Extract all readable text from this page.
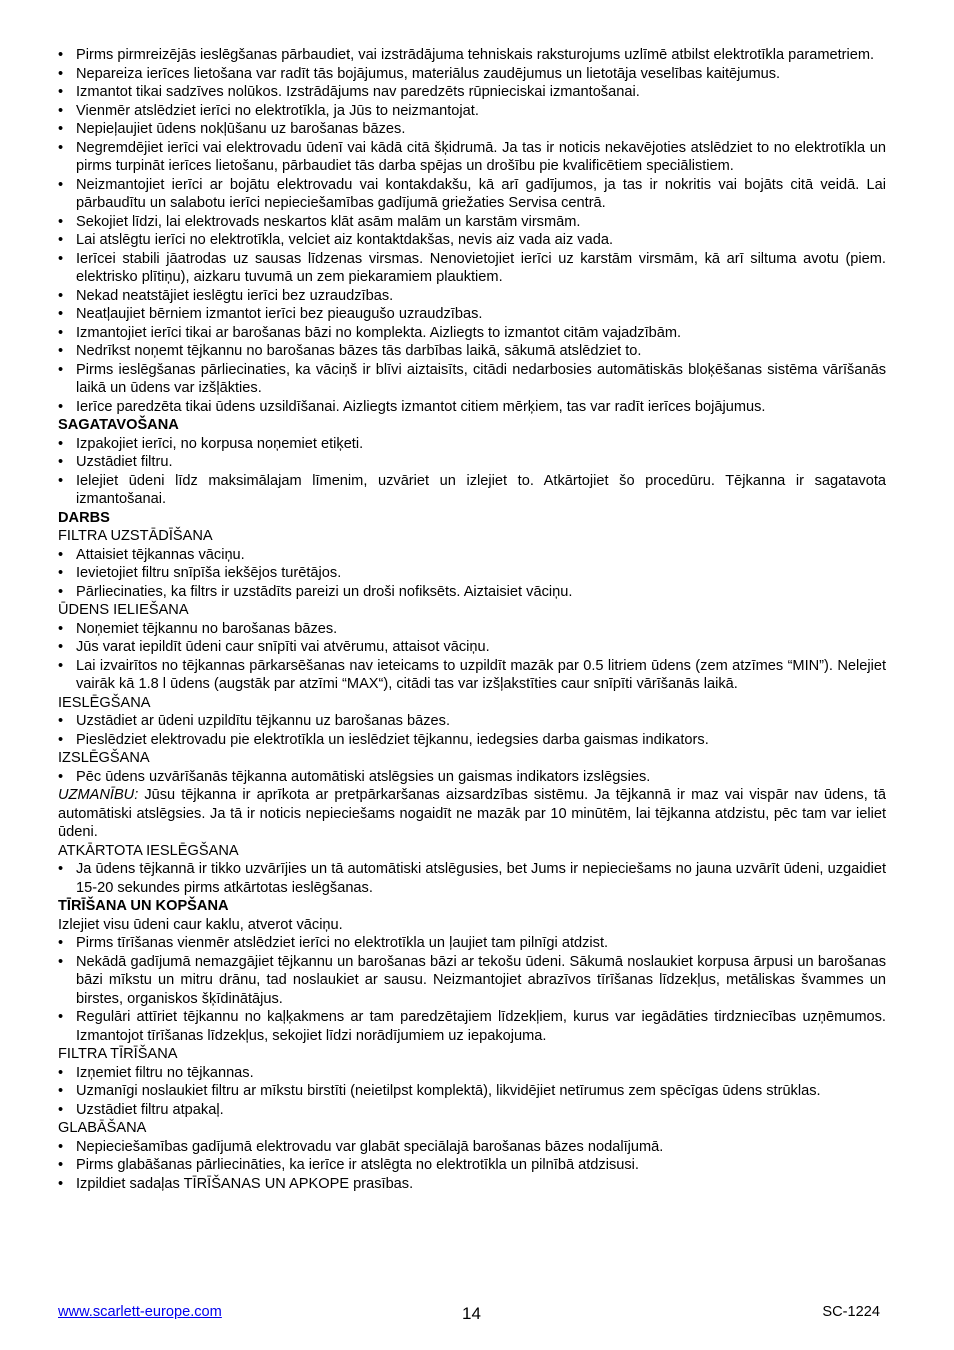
• Pirms pirmreizējās ieslēgšanas pārbaudiet, vai izstrādājuma tehniskais raksturojums uzlīmē atbilst elektrotīkla parametriem.
• Nepareiza ierīces lietošana var radīt tās bojājumus, materiālus zaudējumus un lietotāja veselības kaitējumus.
• Izmantot tikai sadzīves nolūkos. Izstrādājums nav paredzēts rūpnieciskai izmantošanai.
• Vienmēr atslēdziet ierīci no elektrotīkla, ja Jūs to neizmantojat.
• Nepieļaujiet ūdens nokļūšanu uz barošanas bāzes.
• Negremdējiet ierīci vai elektrovadu ūdenī vai kādā citā šķidrumā. Ja tas ir noticis nekavējoties atslēdziet to no elektrotīkla un pirms turpināt ierīces lietošanu, pārbaudiet tās darba spējas un drošību pie kvalificētiem speciālistiem.
• Neizmantojiet ierīci ar bojātu elektrovadu vai kontakdakšu, kā arī gadījumos, ja tas ir nokritis vai bojāts citā veidā. Lai pārbaudītu un salabotu ierīci nepieciešamības gadījumā griežaties Servisa centrā.
• Sekojiet līdzi, lai elektrovads neskartos klāt asām malām un karstām virsmām.
• Lai atslēgtu ierīci no elektrotīkla, velciet aiz kontaktdakšas, nevis aiz vada aiz vada.
• Ierīcei stabili jāatrodas uz sausas līdzenas virsmas. Nenovietojiet ierīci uz karstām virsmām, kā arī siltuma avotu (piem. elektrisko plītiņu), aizkaru tuvumā un zem piekaramiem plauktiem.
• Nekad neatstājiet ieslēgtu ierīci bez uzraudzības.
• Neatļaujiet bērniem izmantot ierīci bez pieaugušo uzraudzības.
• Izmantojiet ierīci tikai ar barošanas bāzi no komplekta. Aizliegts to izmantot citām vajadzībām.
• Nedrīkst noņemt tējkannu no barošanas bāzes tās darbības laikā, sākumā atslēdziet to.
• Pirms ieslēgšanas pārliecinaties, ka vāciņš ir blīvi aiztaisīts, citādi nedarbosies automātiskās bloķēšanas sistēma vārīšanās laikā un ūdens var izšļākties.
• Ierīce paredzēta tikai ūdens uzsildīšanai. Aizliegts izmantot citiem mērķiem, tas var radīt ierīces bojājumus.
SAGATAVOŠANA
• Izpakojiet ierīci, no korpusa noņemiet etiķeti.
• Uzstādiet filtru.
• Ielejiet ūdeni līdz maksimālajam līmenim, uzvāriet un izlejiet to. Atkārtojiet šo procedūru. Tējkanna ir sagatavota izmantošanai.
DARBS
FILTRA UZSTĀDĪŠANA
• Attaisiet tējkannas vāciņu.
• Ievietojiet filtru snīpīša iekšējos turētājos.
• Pārliecinaties, ka filtrs ir uzstādīts pareizi un droši nofiksēts. Aiztaisiet vāciņu.
ŪDENS IELIEŠANA
• Noņemiet tējkannu no barošanas bāzes.
• Jūs varat iepildīt ūdeni caur snīpīti vai atvērumu, attaisot vāciņu.
• Lai izvairītos no tējkannas pārkarsēšanas nav ieteicams to uzpildīt mazāk par 0.5 litriem ūdens (zem atzīmes “MIN”). Nelejiet vairāk kā 1.8 l ūdens (augstāk par atzīmi “MAX“), citādi tas var izšļakstīties caur snīpīti vārīšanās laikā.
IESLĒGŠANA
• Uzstādiet ar ūdeni uzpildītu tējkannu uz barošanas bāzes.
• Pieslēdziet elektrovadu pie elektrotīkla un ieslēdziet tējkannu, iedegsies darba gaismas indikators.
IZSLĒGŠANA
• Pēc ūdens uzvārīšanās tējkanna automātiski atslēgsies un gaismas indikators izslēgsies.
UZMANĪBU: Jūsu tējkanna ir aprīkota ar pretpārkaršanas aizsardzības sistēmu. Ja tējkannā ir maz vai vispār nav ūdens, tā automātiski atslēgsies. Ja tā ir noticis nepieciešams nogaidīt ne mazāk par 10 minūtēm, lai tējkanna atdzistu, pēc tam var ieliet ūdeni.
ATKĀRTOTA IESLĒGŠANA
• Ja ūdens tējkannā ir tikko uzvārījies un tā automātiski atslēgusies, bet Jums ir nepieciešams no jauna uzvārīt ūdeni, uzgaidiet 15-20 sekundes pirms atkārtotas ieslēgšanas.
TĪRĪŠANA UN KOPŠANA
Izlejiet visu ūdeni caur kaklu, atverot vāciņu.
• Pirms tīrīšanas vienmēr atslēdziet ierīci no elektrotīkla un ļaujiet tam pilnīgi atdzist.
• Nekādā gadījumā nemazgājiet tējkannu un barošanas bāzi ar tekošu ūdeni. Sākumā noslaukiet korpusa ārpusi un barošanas bāzi mīkstu un mitru drānu, tad noslaukiet ar sausu. Neizmantojiet abrazīvos tīrīšanas līdzekļus, metāliskas švammes un birstes, organiskos šķīdinātājus.
• Regulāri attīriet tējkannu no kaļķakmens ar tam paredzētajiem līdzekļiem, kurus var iegādāties tirdzniecības uzņēmumos. Izmantojot tīrīšanas līdzekļus, sekojiet līdzi norādījumiem uz iepakojuma.
FILTRA TĪRĪŠANA
• Izņemiet filtru no tējkannas.
• Uzmanīgi noslaukiet filtru ar mīkstu birstīti (neietilpst komplektā), likvidējiet netīrumus zem spēcīgas ūdens strūklas.
• Uzstādiet filtru atpakaļ.
GLABĀŠANA
• Nepieciešamības gadījumā elektrovadu var glabāt speciālajā barošanas bāzes nodalījumā.
• Pirms glabāšanas pārliecināties, ka ierīce ir atslēgta no elektrotīkla un pilnībā atdzisusi.
• Izpildiet sadaļas TĪRĪŠANAS UN APKOPE prasības.
www.scarlett-europe.com	14	SC-1224
